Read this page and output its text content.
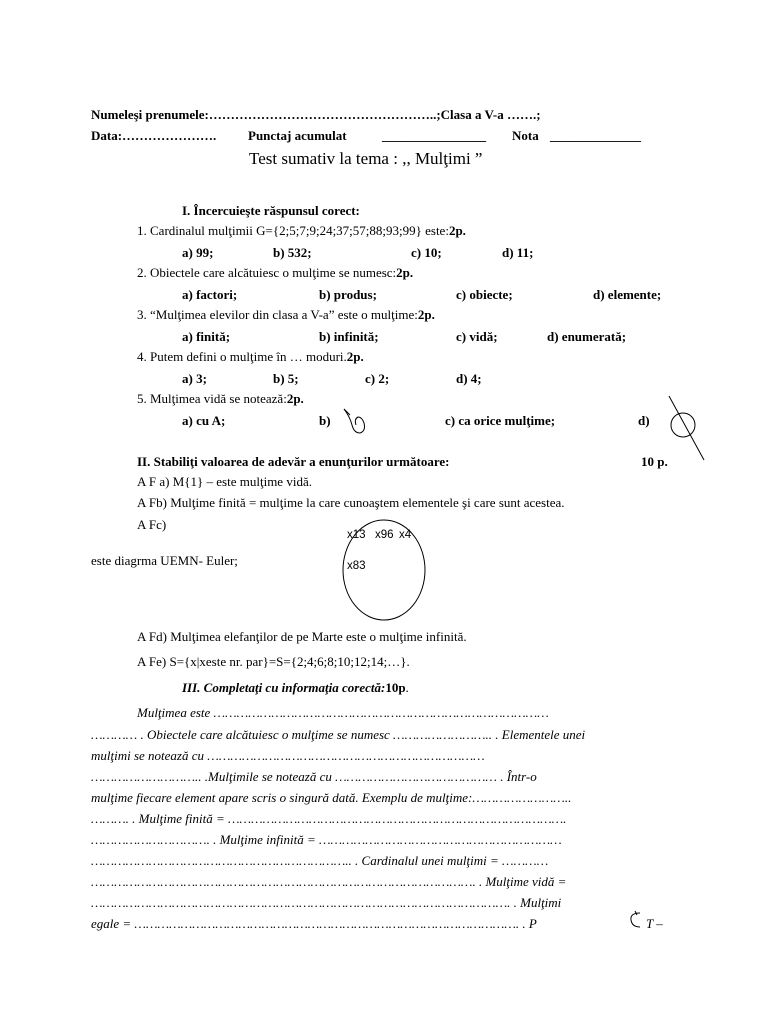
Numeleşi prenumele:……………………………………………..;Clasa a V-a …….;
Data:…………………. Punctaj acumulat	________________ Nota ______________
Test sumativ la tema : ,, Mulţimi ”
I. Încercuieşte răspunsul corect:
1. Cardinalul mulţimii G={2;5;7;9;24;37;57;88;93;99} este:2p.
a) 99;	b) 532;	c) 10;	d) 11;
2. Obiectele care alcătuiesc o mulţime se numesc:2p.
a) factori;	b) produs;	c) obiecte;	d) elemente;
3. “Mulţimea elevilor din clasa a V-a” este o mulţime:2p.
a) finită;	b) infinită;	c) vidă;	d) enumerată;
4. Putem defini o mulţime în … moduri.2p.
a) 3;	b) 5;	c) 2;	d) 4;
5. Mulţimea vidă se notează:2p.
a) cu A;	b)	c) ca orice mulţime;	d)
II. Stabiliţi valoarea de adevăr a enunţurilor următoare:	10 p.
A F a) M{1} – este mulţime vidă.
A Fb) Mulţime finită = mulţime la care cunoaştem elementele şi care sunt acestea.
A Fc)
este diagrma UEMN- Euler;
x13 x96 x4
x83
A Fd) Mulţimea elefanţilor de pe Marte este o mulţime infinită.
A Fe) S={x|xeste nr. par}=S={2;4;6;8;10;12;14;…}.
III. Completaţi cu informaţia corectă:10p.
Mulţimea este ……………………………………………………………………………
………… . Obiectele care alcătuiesc o mulţime se numesc …………………….. . Elementele unei
mulţimi se notează cu ………………………………………………………………
……………………….. .Mulţimile se notează cu …………………………………… . Într-o
mulţime fiecare element apare scris o singură dată. Exemplu de mulţime:……………………..
………. . Mulţime finită = …………………………………………………………………………….
…………………………. . Mulţime infinită = ………………………………………………………
………………………………………………………….. . Cardinalul unei mulţimi = …………
………………………………………………………………………………………. . Mulţime vidă =
………………………………………………………………………………………………. . Mulţimi
egale = ………………………………………………………………………………………. . P	T –
